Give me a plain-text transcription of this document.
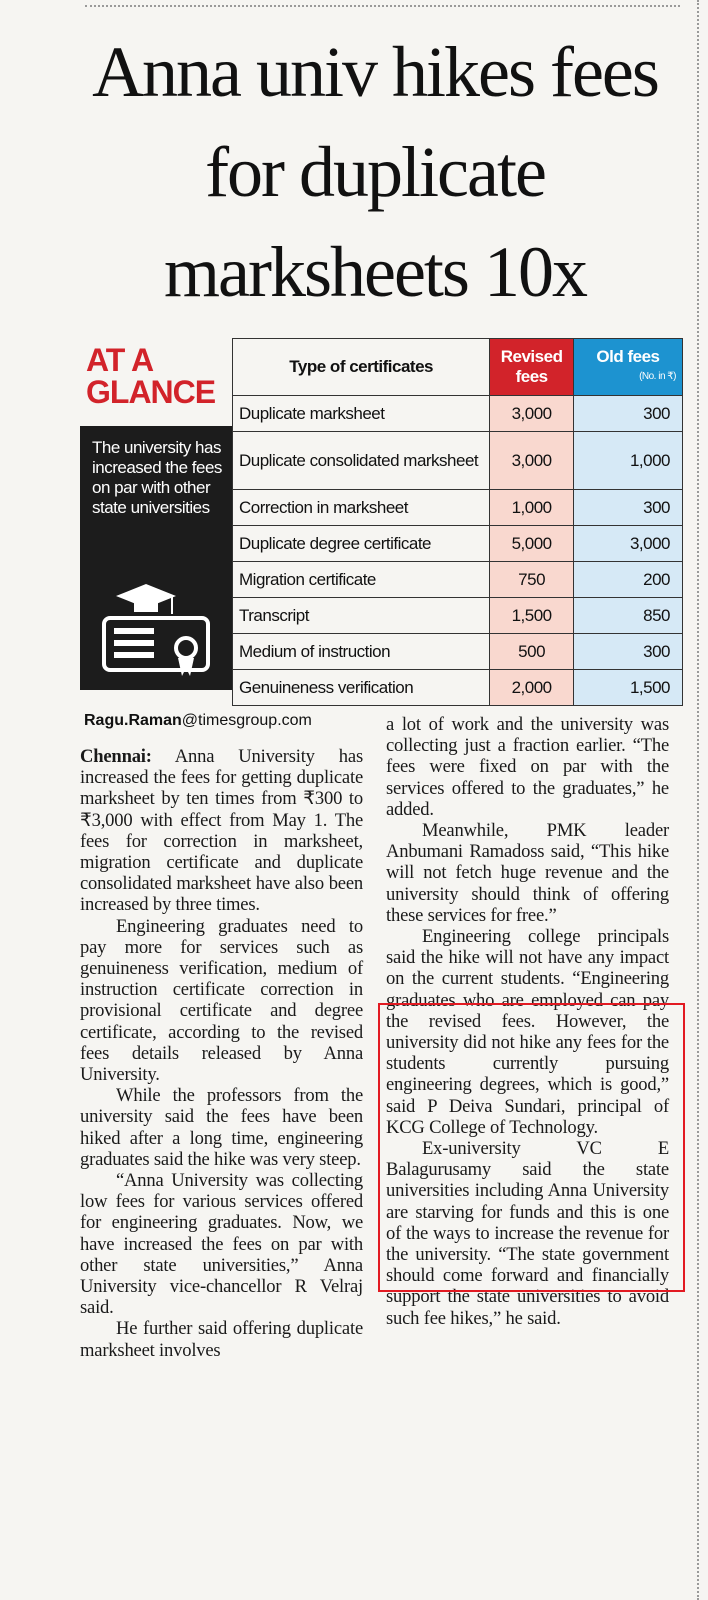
Anna univ hikes fees for duplicate marksheets 10x
AT A
GLANCE
The university has increased the fees on par with other state universities
Type of certificates	Revised fees	Old fees
(No. in ₹)

Duplicate marksheet	3,000	300
Duplicate consolidated marksheet	3,000	1,000
Correction in marksheet	1,000	300
Duplicate degree certificate	5,000	3,000
Migration certificate	750	200
Transcript	1,500	850
Medium of instruction	500	300
Genuineness verification	2,000	1,500
Ragu.Raman@timesgroup.com

Chennai: Anna University has increased the fees for getting duplicate marksheet by ten times from ₹300 to ₹3,000 with effect from May 1. The fees for correction in marksheet, migration certificate and duplicate consolidated marksheet have also been increased by three times.

Engineering graduates need to pay more for services such as genuineness verification, medium of instruction certificate correction in provisional certificate and degree certificate, according to the revised fees details released by Anna University.

While the professors from the university said the fees have been hiked after a long time, engineering graduates said the hike was very steep.

“Anna University was collecting low fees for various services offered for engineering graduates. Now, we have increased the fees on par with other state universities,” Anna University vice-chancellor R Velraj said.

He further said offering duplicate marksheet involves

a lot of work and the university was collecting just a fraction earlier. “The fees were fixed on par with the services offered to the graduates,” he added.

Meanwhile, PMK leader Anbumani Ramadoss said, “This hike will not fetch huge revenue and the university should think of offering these services for free.”

Engineering college principals said the hike will not have any impact on the current students. “Engineering graduates who are employed can pay the revised fees. However, the university did not hike any fees for the students currently pursuing engineering degrees, which is good,” said P Deiva Sundari, principal of KCG College of Technology.

Ex-university VC E Balagurusamy said the state universities including Anna University are starving for funds and this is one of the ways to increase the revenue for the university. “The state government should come forward and financially support the state universities to avoid such fee hikes,” he said.
